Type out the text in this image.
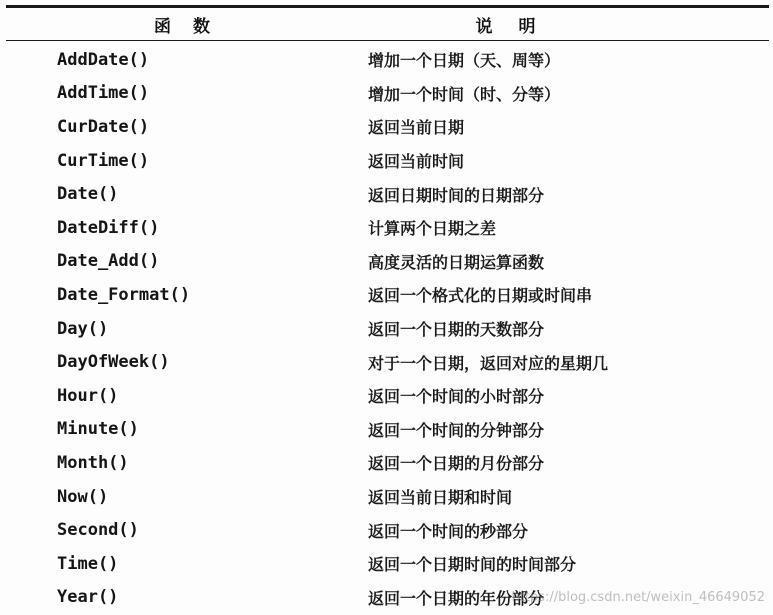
函数	说明
AddDate()	增加一个日期（天、周等）
AddTime()	增加一个时间（时、分等）
CurDate()	返回当前日期
CurTime()	返回当前时间
Date()	返回日期时间的日期部分
DateDiff()	计算两个日期之差
Date_Add()	高度灵活的日期运算函数
Date_Format()	返回一个格式化的日期或时间串
Day()	返回一个日期的天数部分
DayOfWeek()	对于一个日期，返回对应的星期几
Hour()	返回一个时间的小时部分
Minute()	返回一个时间的分钟部分
Month()	返回一个日期的月份部分
Now()	返回当前日期和时间
Second()	返回一个时间的秒部分
Time()	返回一个日期时间的时间部分
Year()	返回一个日期的年份部分
https://blog.csdn.net/weixin_46649052
